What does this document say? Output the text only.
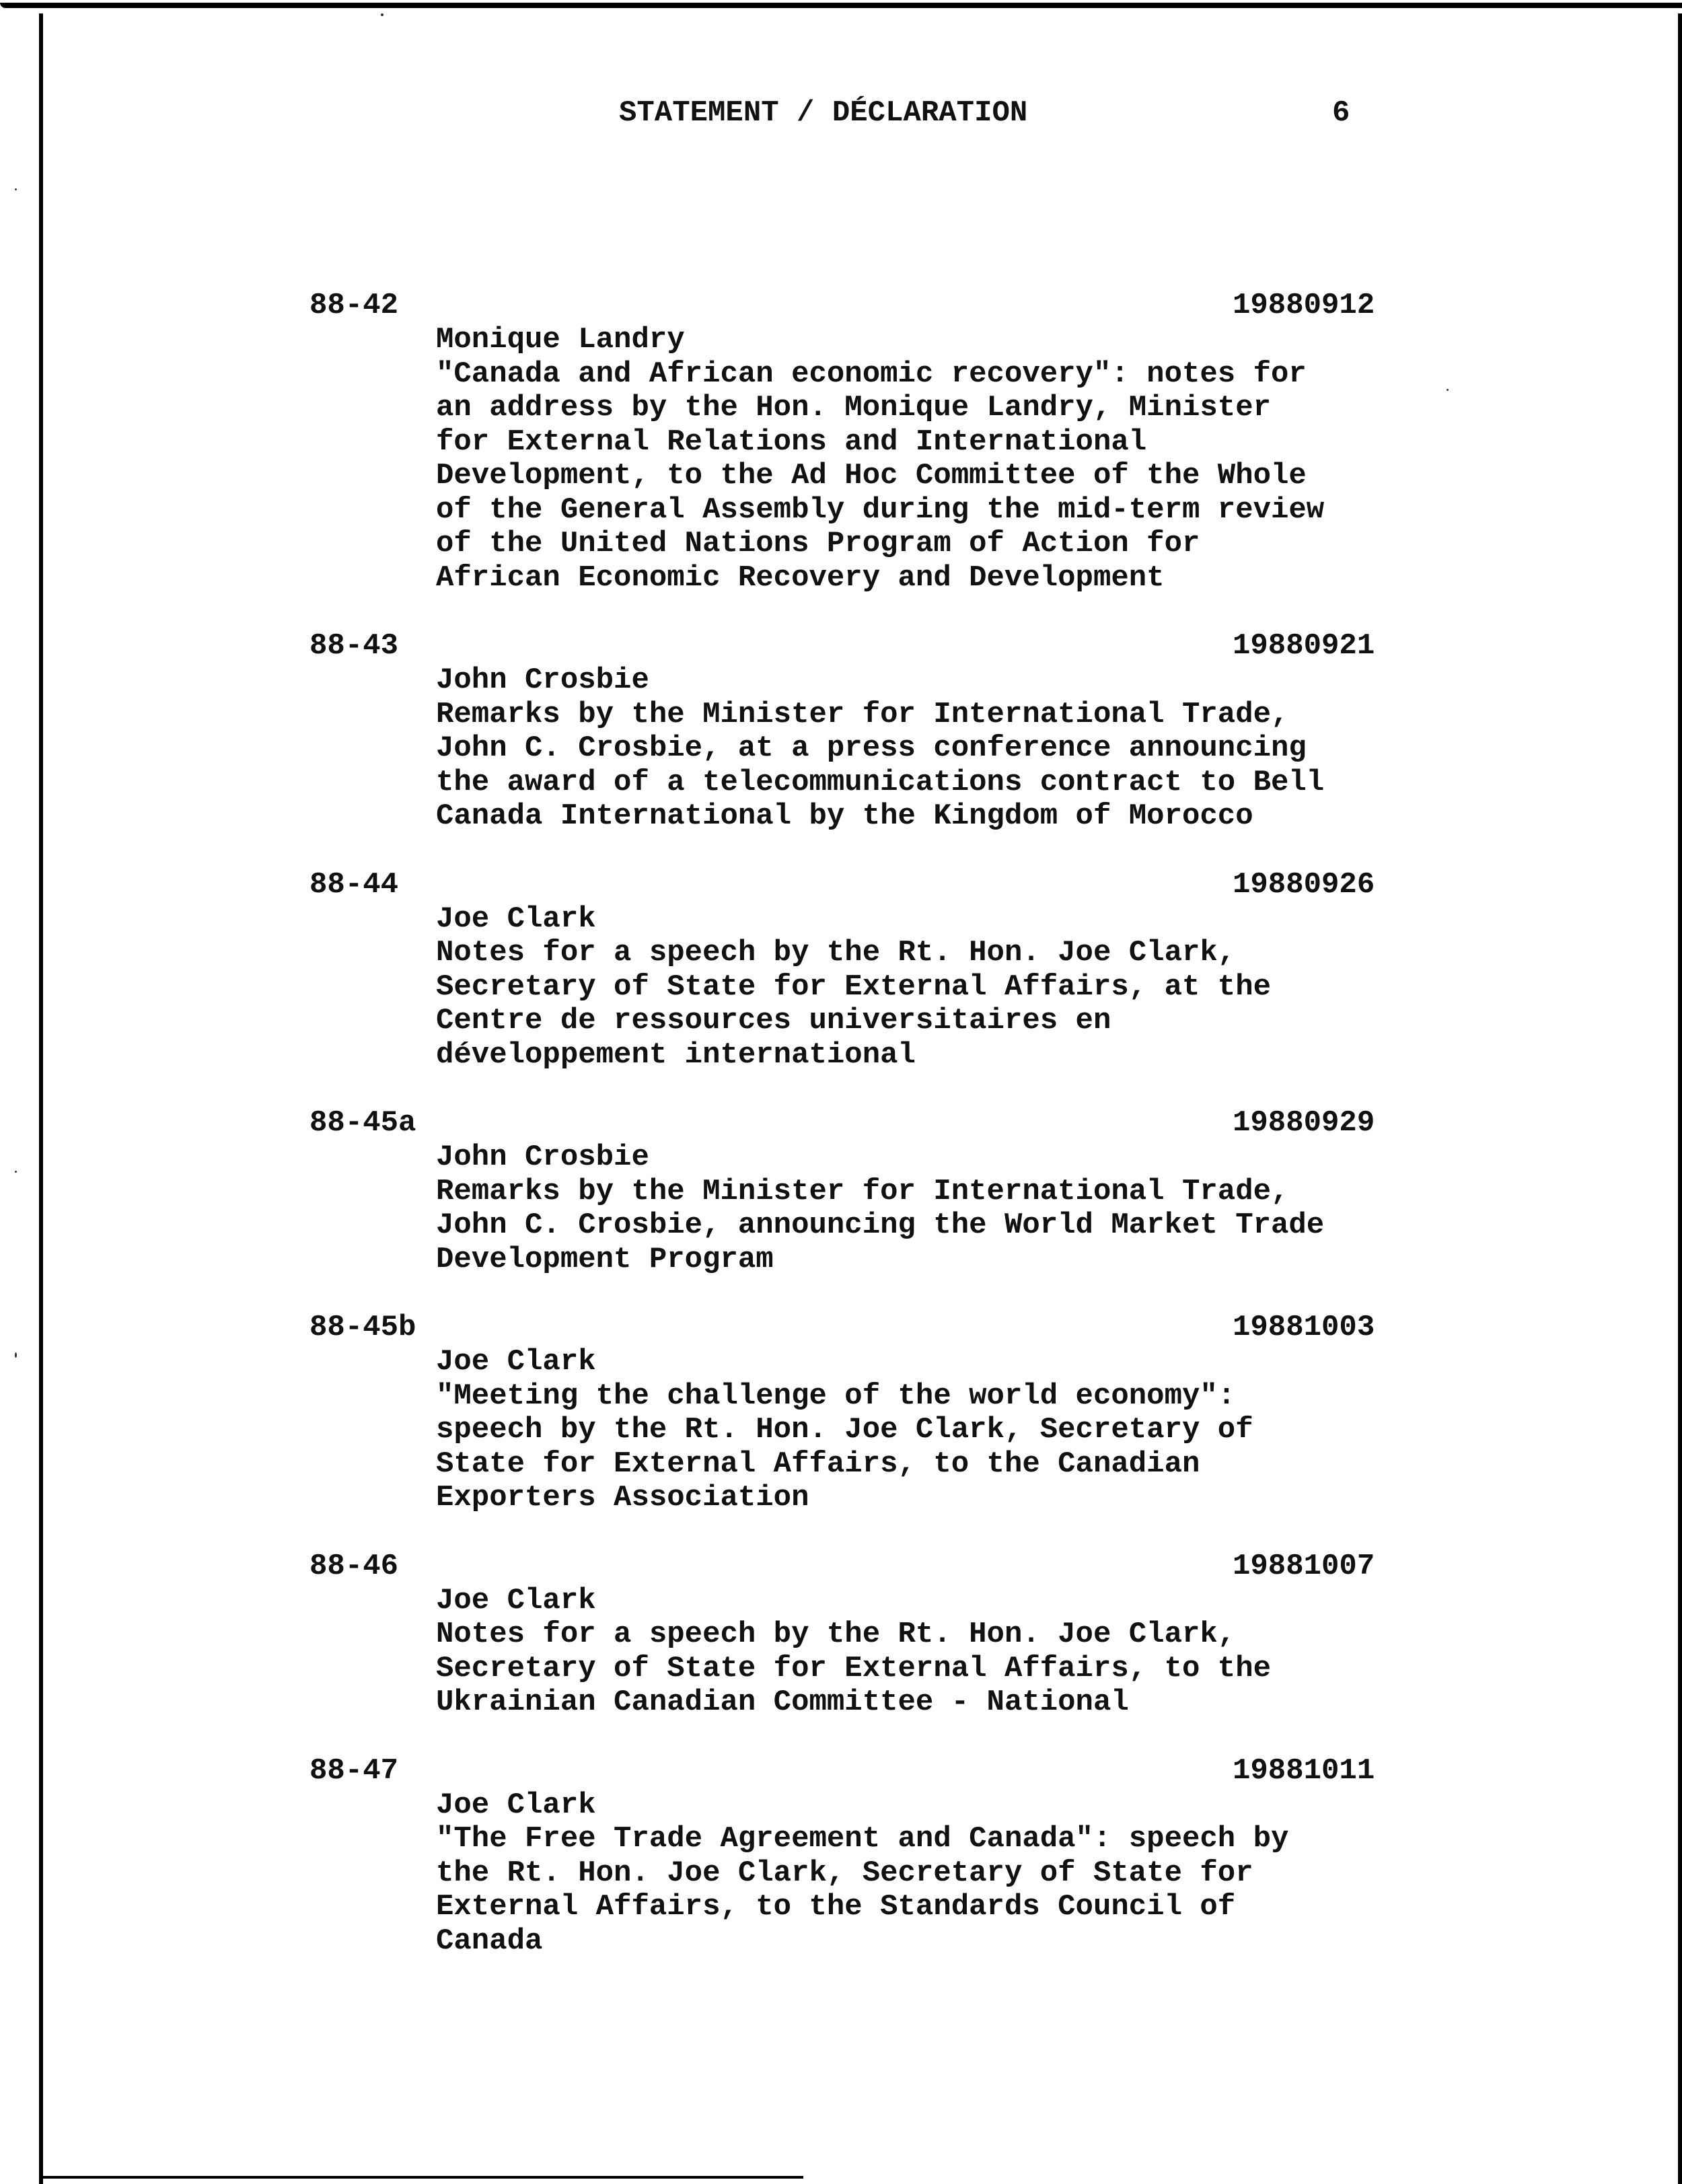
STATEMENT / DÉCLARATION	6
88-42	19880912
Monique Landry
"Canada and African economic recovery": notes for
an address by the Hon. Monique Landry, Minister
for External Relations and International
Development, to the Ad Hoc Committee of the Whole
of the General Assembly during the mid-term review
of the United Nations Program of Action for
African Economic Recovery and Development
88-43	19880921
John Crosbie
Remarks by the Minister for International Trade,
John C. Crosbie, at a press conference announcing
the award of a telecommunications contract to Bell
Canada International by the Kingdom of Morocco
88-44	19880926
Joe Clark
Notes for a speech by the Rt. Hon. Joe Clark,
Secretary of State for External Affairs, at the
Centre de ressources universitaires en
développement international
88-45a	19880929
John Crosbie
Remarks by the Minister for International Trade,
John C. Crosbie, announcing the World Market Trade
Development Program
88-45b	19881003
Joe Clark
"Meeting the challenge of the world economy":
speech by the Rt. Hon. Joe Clark, Secretary of
State for External Affairs, to the Canadian
Exporters Association
88-46	19881007
Joe Clark
Notes for a speech by the Rt. Hon. Joe Clark,
Secretary of State for External Affairs, to the
Ukrainian Canadian Committee - National
88-47	19881011
Joe Clark
"The Free Trade Agreement and Canada": speech by
the Rt. Hon. Joe Clark, Secretary of State for
External Affairs, to the Standards Council of
Canada
